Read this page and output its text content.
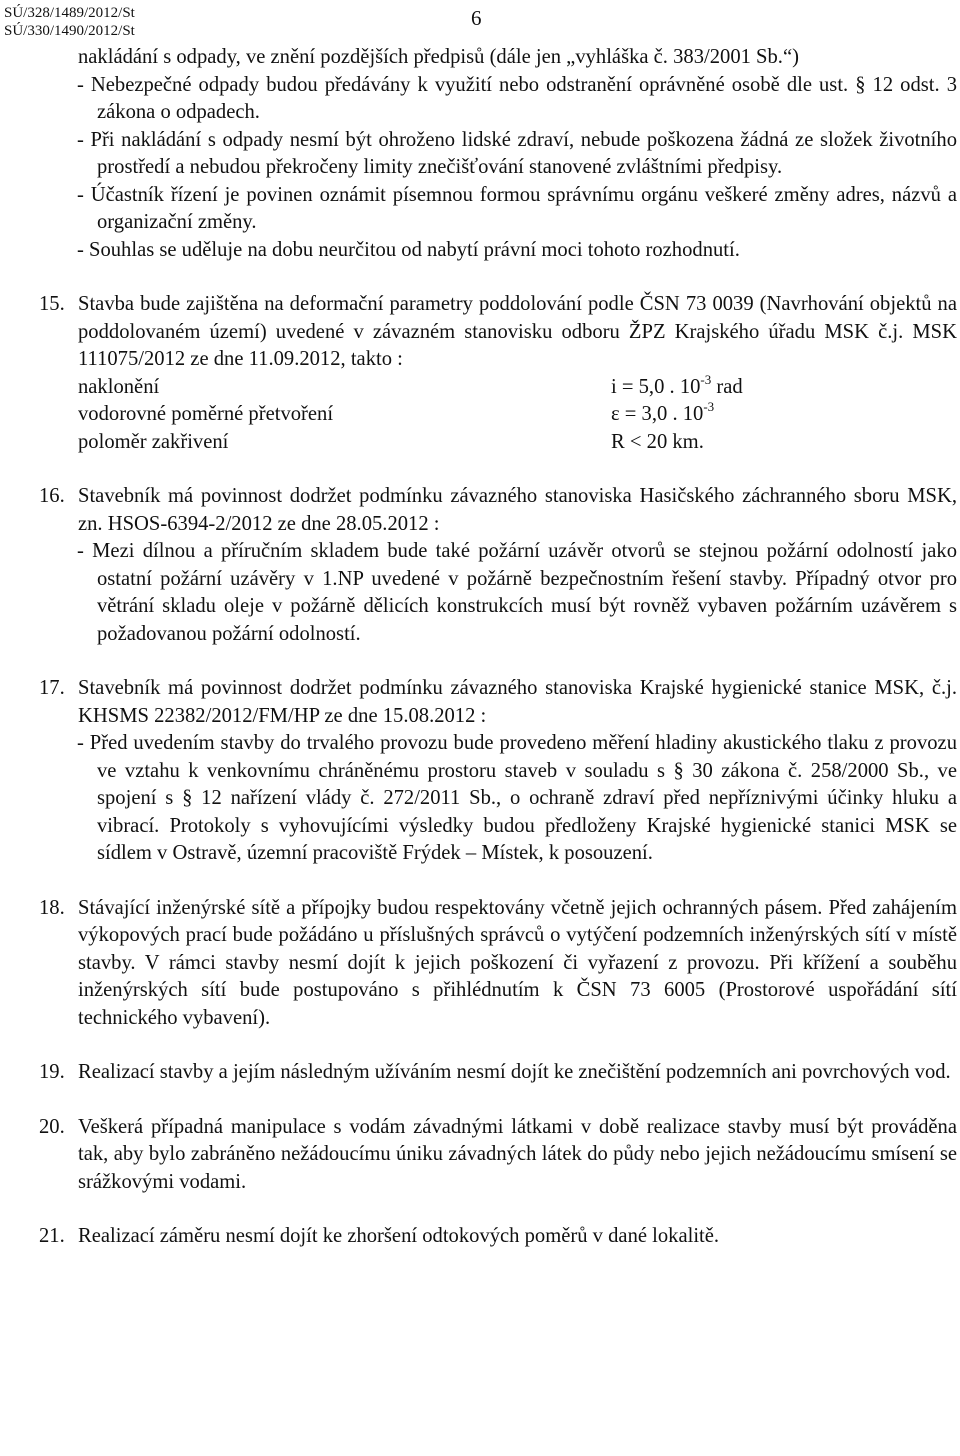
SÚ/328/1489/2012/St
SÚ/330/1490/2012/St
6
nakládání s odpady, ve znění pozdějších předpisů (dále jen „vyhláška č. 383/2001 Sb.“)
- Nebezpečné odpady budou předávány k využití nebo odstranění oprávněné osobě dle ust. § 12 odst. 3 zákona o odpadech.
- Při nakládání s odpady nesmí být ohroženo lidské zdraví, nebude poškozena žádná ze složek životního prostředí a nebudou překročeny limity znečišťování stanovené zvláštními předpisy.
- Účastník řízení je povinen oznámit písemnou formou správnímu orgánu veškeré změny adres, názvů a organizační změny.
- Souhlas se uděluje na dobu neurčitou od nabytí právní moci tohoto rozhodnutí.
15. Stavba bude zajištěna na deformační parametry poddolování podle ČSN 73 0039 (Navrhování objektů na poddolovaném území) uvedené v závazném stanovisku odboru ŽPZ Krajského úřadu MSK č.j. MSK 111075/2012 ze dne 11.09.2012, takto :
naklonění	i = 5,0 . $10^{-3}$ rad
vodorovné poměrné přetvoření	ε = 3,0 . $10^{-3}$
poloměr zakřivení	R < 20 km.
16. Stavebník má povinnost dodržet podmínku závazného stanoviska Hasičského záchranného sboru MSK, zn. HSOS-6394-2/2012 ze dne 28.05.2012 :
- Mezi dílnou a příručním skladem bude také požární uzávěr otvorů se stejnou požární odolností jako ostatní požární uzávěry v 1.NP uvedené v požárně bezpečnostním řešení stavby. Případný otvor pro větrání skladu oleje v požárně dělicích konstrukcích musí být rovněž vybaven požárním uzávěrem s požadovanou požární odolností.
17. Stavebník má povinnost dodržet podmínku závazného stanoviska Krajské hygienické stanice MSK, č.j. KHSMS 22382/2012/FM/HP ze dne 15.08.2012 :
- Před uvedením stavby do trvalého provozu bude provedeno měření hladiny akustického tlaku z provozu ve vztahu k venkovnímu chráněnému prostoru staveb v souladu s § 30 zákona č. 258/2000 Sb., ve spojení s § 12 nařízení vlády č. 272/2011 Sb., o ochraně zdraví před nepříznivými účinky hluku a vibrací. Protokoly s vyhovujícími výsledky budou předloženy Krajské hygienické stanici MSK se sídlem v Ostravě, územní pracoviště Frýdek – Místek, k posouzení.
18. Stávající inženýrské sítě a přípojky budou respektovány včetně jejich ochranných pásem. Před zahájením výkopových prací bude požádáno u příslušných správců o vytýčení podzemních inženýrských sítí v místě stavby. V rámci stavby nesmí dojít k jejich poškození či vyřazení z provozu. Při křížení a souběhu inženýrských sítí bude postupováno s přihlédnutím k ČSN 73 6005 (Prostorové uspořádání sítí technického vybavení).
19. Realizací stavby a jejím následným užíváním nesmí dojít ke znečištění podzemních ani povrchových vod.
20. Veškerá případná manipulace s vodám závadnými látkami v době realizace stavby musí být prováděna tak, aby bylo zabráněno nežádoucímu úniku závadných látek do půdy nebo jejich nežádoucímu smísení se srážkovými vodami.
21. Realizací záměru nesmí dojít ke zhoršení odtokových poměrů v dané lokalitě.
